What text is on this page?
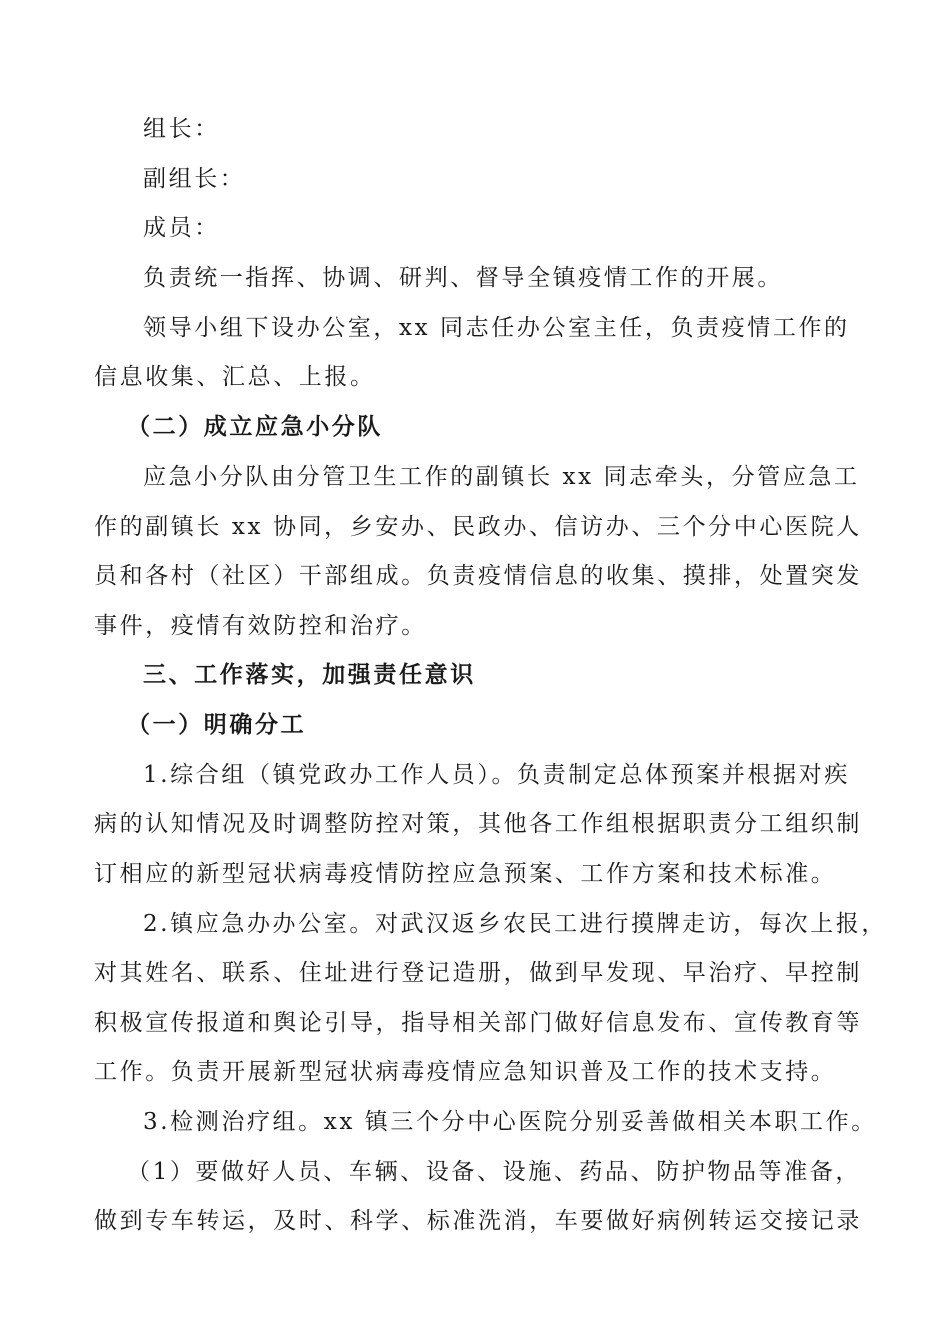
组长：
副组长：
成员：
负责统一指挥、协调、研判、督导全镇疫情工作的开展。
领导小组下设办公室，xx 同志任办公室主任，负责疫情工作的
信息收集、汇总、上报。
（二）成立应急小分队
应急小分队由分管卫生工作的副镇长 xx 同志牵头，分管应急工
作的副镇长 xx 协同，乡安办、民政办、信访办、三个分中心医院人
员和各村（社区）干部组成。负责疫情信息的收集、摸排，处置突发
事件，疫情有效防控和治疗。
三、工作落实，加强责任意识
（一）明确分工
1.综合组（镇党政办工作人员）。负责制定总体预案并根据对疾
病的认知情况及时调整防控对策，其他各工作组根据职责分工组织制
订相应的新型冠状病毒疫情防控应急预案、工作方案和技术标准。
2.镇应急办办公室。对武汉返乡农民工进行摸牌走访，每次上报，
对其姓名、联系、住址进行登记造册，做到早发现、早治疗、早控制
积极宣传报道和舆论引导，指导相关部门做好信息发布、宣传教育等
工作。负责开展新型冠状病毒疫情应急知识普及工作的技术支持。
3.检测治疗组。xx 镇三个分中心医院分别妥善做相关本职工作。
（1）要做好人员、车辆、设备、设施、药品、防护物品等准备，
做到专车转运，及时、科学、标准洗消，车要做好病例转运交接记录
